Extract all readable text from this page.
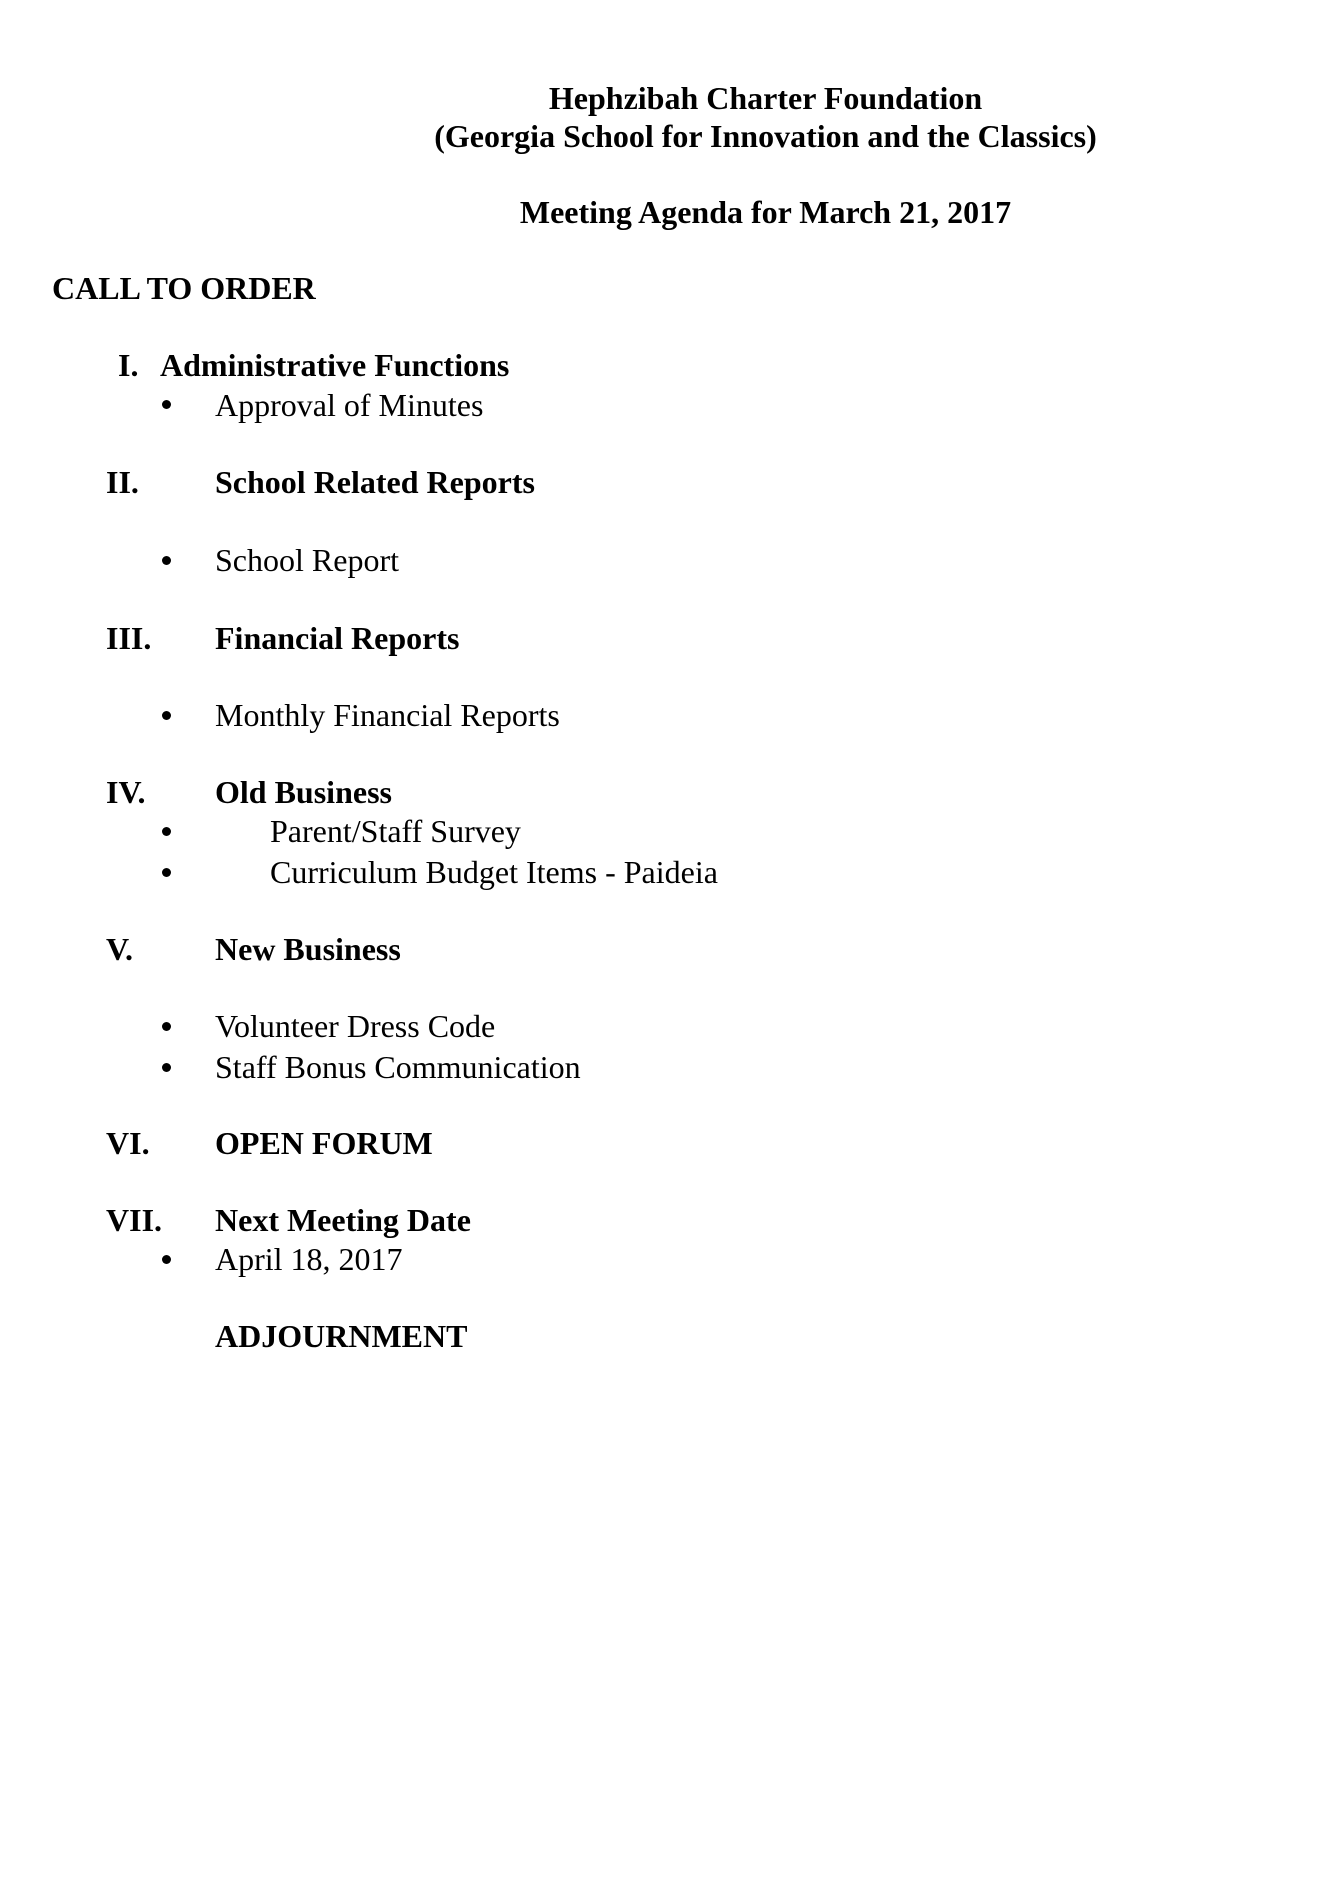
Hephzibah Charter Foundation
(Georgia School for Innovation and the Classics)
Meeting Agenda for March 21, 2017
CALL TO ORDER
I. Administrative Functions
Approval of Minutes
II. School Related Reports
School Report
III. Financial Reports
Monthly Financial Reports
IV. Old Business
Parent/Staff Survey
Curriculum Budget Items - Paideia
V.	New Business
Volunteer Dress Code
Staff Bonus Communication
VI. OPEN FORUM
VII. Next Meeting Date
April 18, 2017
ADJOURNMENT
